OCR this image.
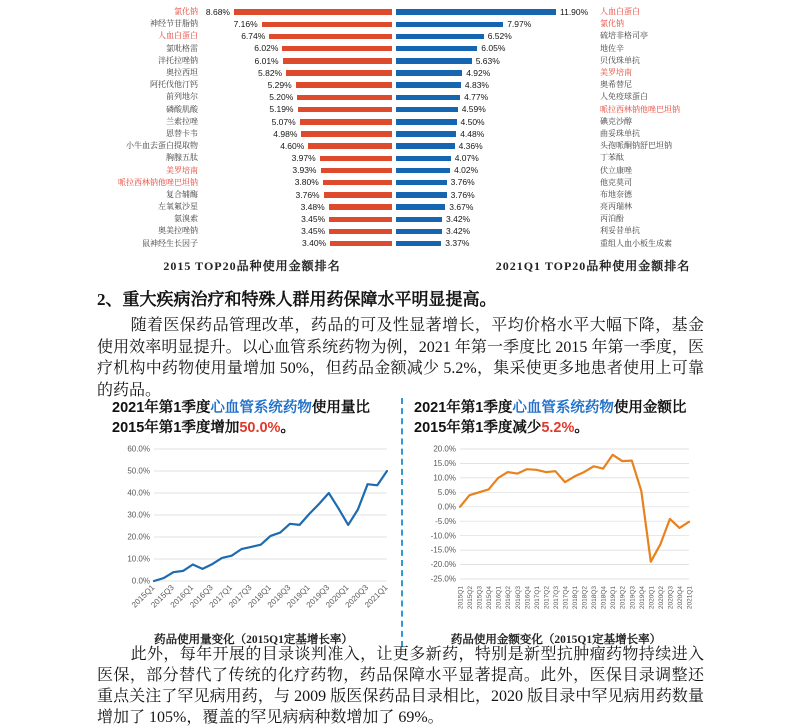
氯化钠 8.68%
神经节苷脂钠	7.16%
人血白蛋白	6.74%
氯吡格雷	6.02%
泮托拉唑钠	6.01%
奥拉西坦	5.82%
阿托伐他汀钙	5.29%
前列地尔	5.20%
磷酸肌酸	5.19%
兰索拉唑	5.07%
恩替卡韦	4.98%
小牛血去蛋白提取物	4.60%
胸腺五肽	3.97%
美罗培南	3.93%
哌拉西林钠他唑巴坦钠	3.80%
复合辅酶	3.76%
左氧氟沙星	3.48%
氨溴索	3.45%
奥美拉唑钠	3.45%
鼠神经生长因子	3.40%
2015 TOP20品种使用金额排名
11.90% 人血白蛋白
7.97%	氯化钠
6.52%	硫培非格司亭
6.05%	地佐辛
5.63%	贝伐珠单抗
4.92%	美罗培南
4.83%	奥希替尼
4.77%	人免疫球蛋白
4.59%	哌拉西林钠他唑巴坦钠
4.50%	碘克沙醇
4.48%	曲妥珠单抗
4.36%	头孢哌酮钠舒巴坦钠
4.07%	丁苯酞
4.02%	伏立康唑
3.76%	他克莫司
3.76%	布地奈德
3.67%	亮丙瑞林
3.42%	丙泊酚
3.42%	利妥昔单抗
3.37%	重组人血小板生成素
2021Q1 TOP20品种使用金额排名
2、重大疾病治疗和特殊人群用药保障水平明显提高。

随着医保药品管理改革，药品的可及性显著增长，平均价格水平大幅下降，基金使用效率明显提升。以心血管系统药物为例，2021 年第一季度比 2015 年第一季度，医疗机构中药物使用量增加 50%，但药品金额减少 5.2%，集采使更多地患者使用上可靠的药品。

2021年第1季度心血管系统药物使用量比2015年第1季度增加50.0%。
0.0%
10.0%
20.0%
30.0%
40.0%
50.0%
60.0%
2015Q1
2015Q3
2016Q1
2016Q3
2017Q1
2017Q3
2018Q1
2018Q3
2019Q1
2019Q3
2020Q1
2020Q3
2021Q1
药品使用量变化（2015Q1定基增长率）
2021年第1季度心血管系统药物使用金额比2015年第1季度减少5.2%。
-25.0%
-20.0%
-15.0%
-10.0%
-5.0%
0.0%
5.0%
10.0%
15.0%
20.0%
2015Q1 2015Q2 2015Q3 2015Q4 2016Q1 2016Q2 2016Q3 2016Q4 2017Q1 2017Q2 2017Q3 2017Q4 2018Q1 2018Q2 2018Q3 2018Q4 2019Q1 2019Q2 2019Q3 2019Q4 2020Q1 2020Q2 2020Q3 2020Q4 2021Q1
药品使用金额变化（2015Q1定基增长率）

此外，每年开展的目录谈判准入，让更多新药，特别是新型抗肿瘤药物持续进入医保，部分替代了传统的化疗药物，药品保障水平显著提高。此外，医保目录调整还重点关注了罕见病用药，与 2009 版医保药品目录相比，2020 版目录中罕见病用药数量增加了 105%，覆盖的罕见病病种数增加了 69%。
